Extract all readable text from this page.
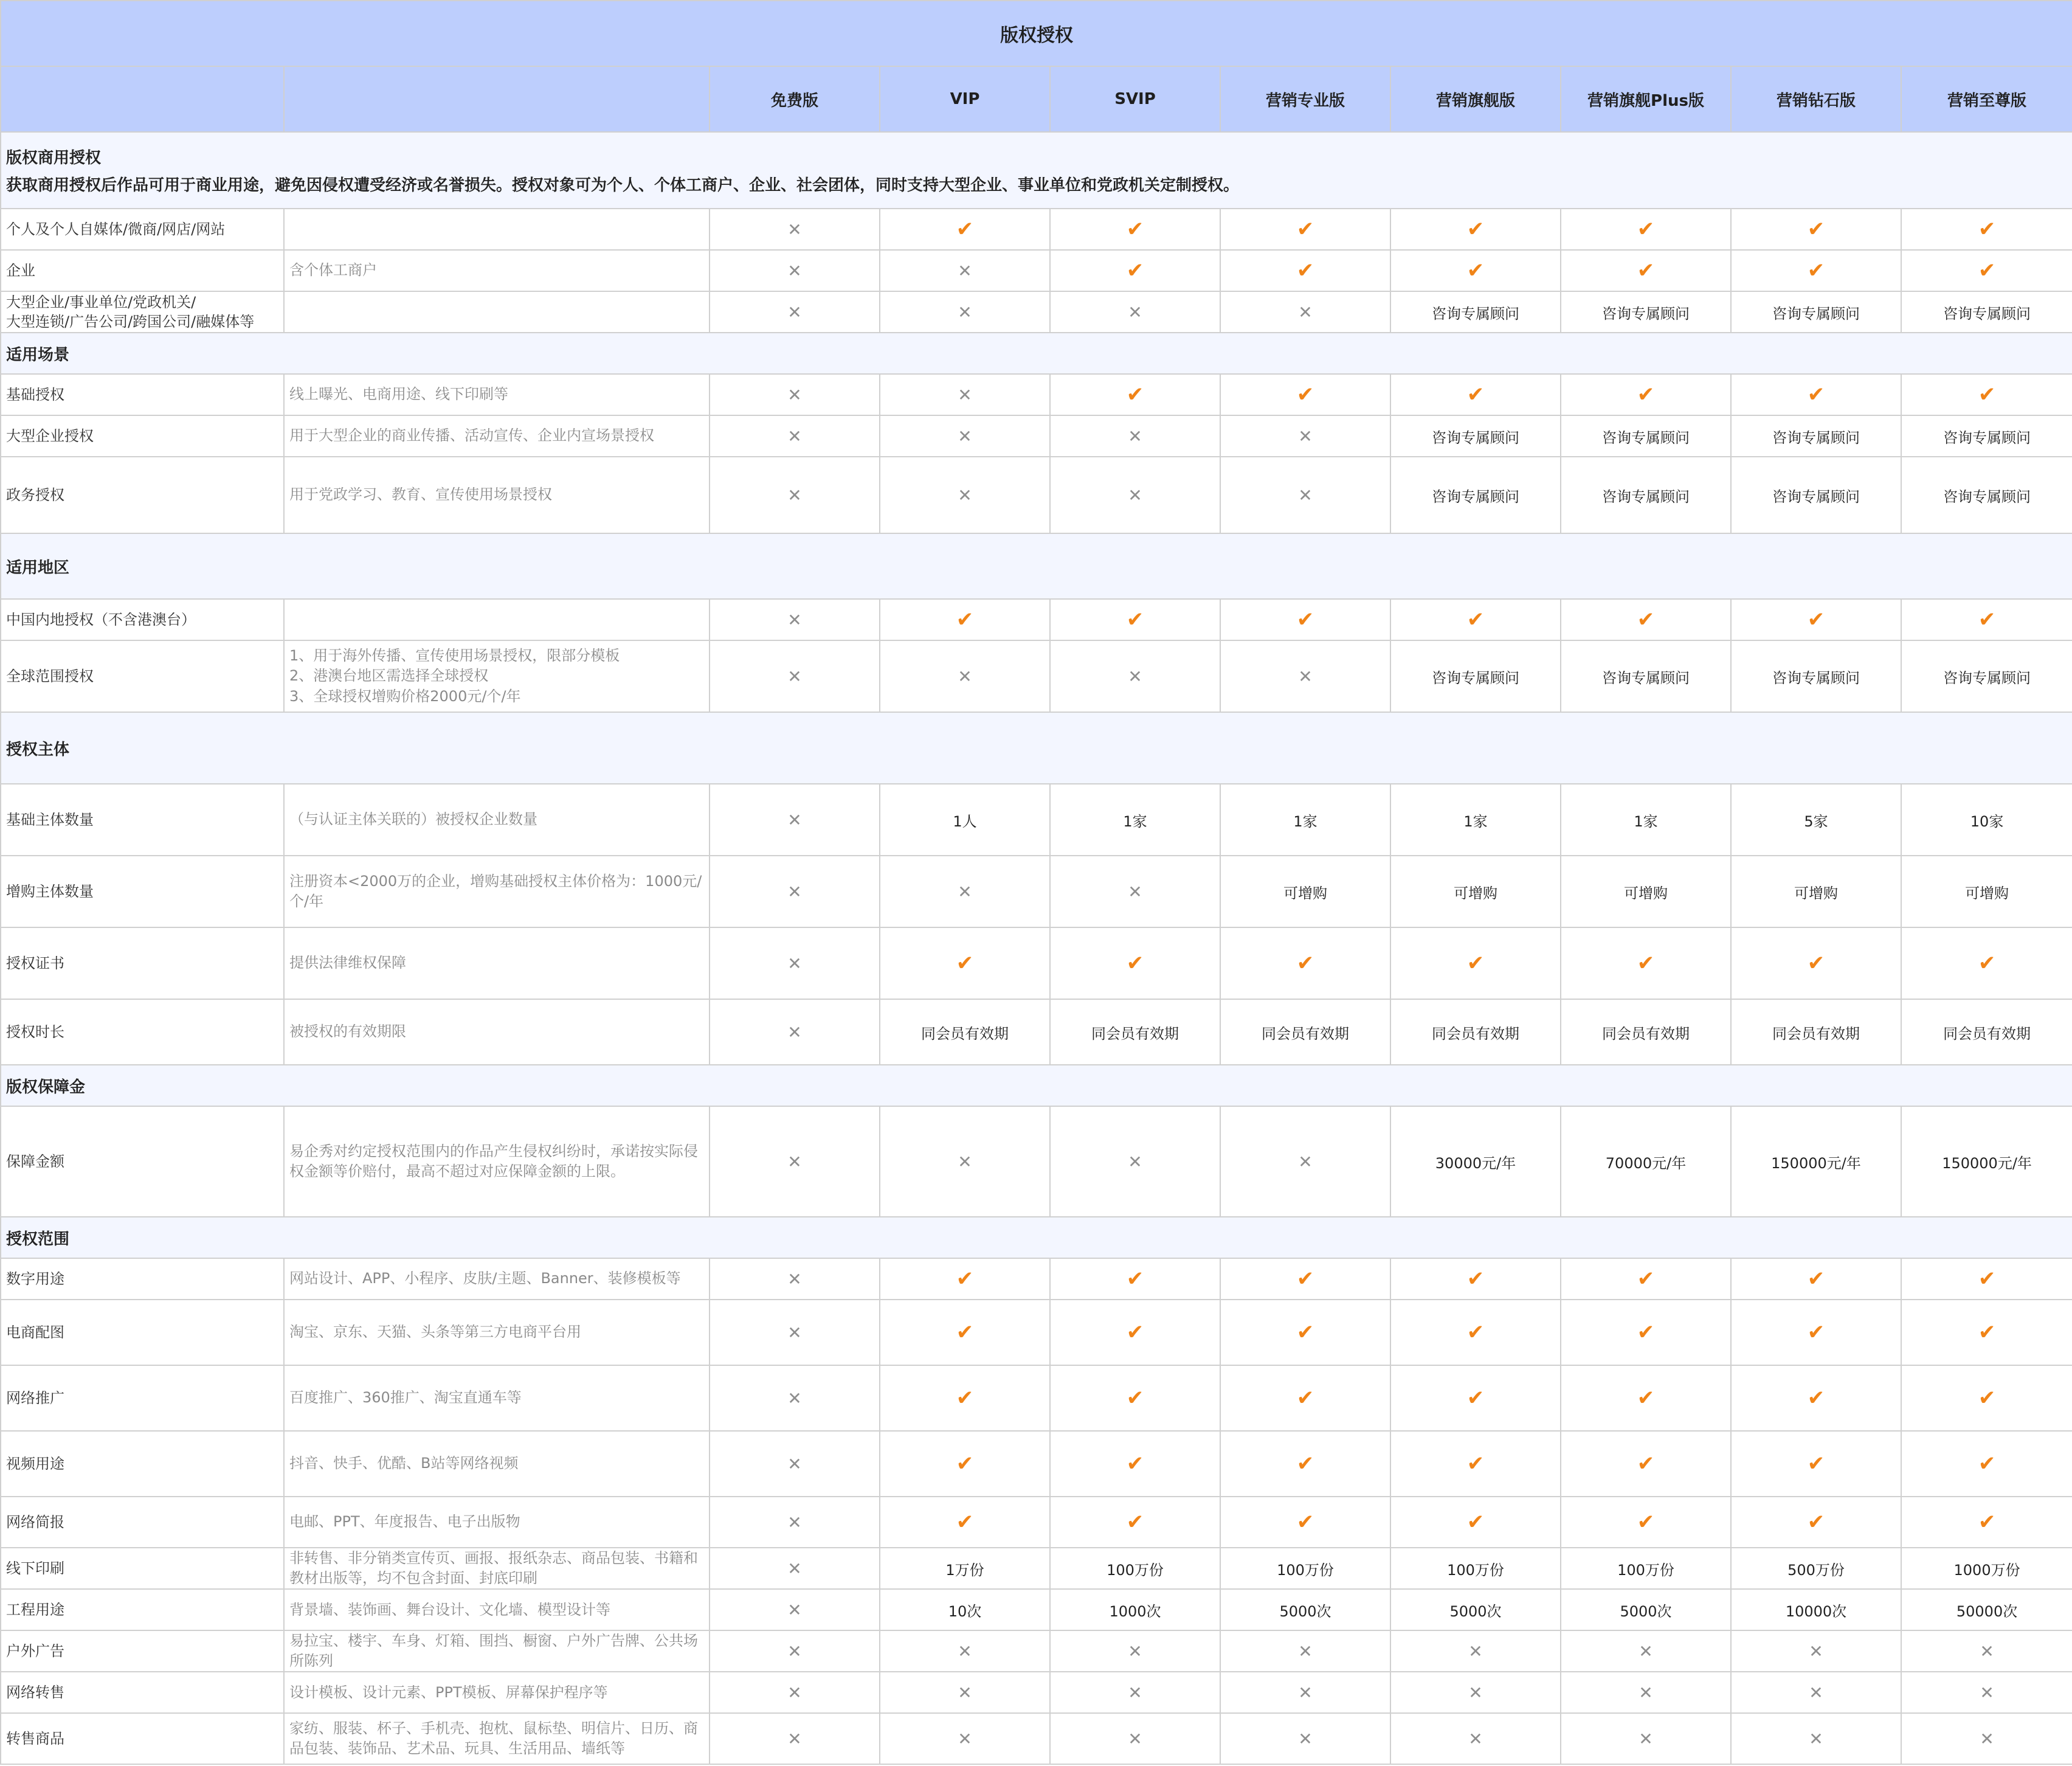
版权授权									
		免费版	VIP	SVIP	营销专业版	营销旗舰版	营销旗舰Plus版	营销钻石版	营销至尊版
版权商用授权
获取商用授权后作品可用于商业用途，避免因侵权遭受经济或名誉损失。授权对象可为个人、个体工商户、企业、社会团体，同时支持大型企业、事业单位和党政机关定制授权。									

个人及个人自媒体/微商/网店/网站		✕	✔	✔	✔	✔	✔	✔	✔
企业	含个体工商户	✕	✕	✔	✔	✔	✔	✔	✔
大型企业/事业单位/党政机关/
大型连锁/广告公司/跨国公司/融媒体等		✕	✕	✕	✕	咨询专属顾问	咨询专属顾问	咨询专属顾问	咨询专属顾问
适用场景									
基础授权	线上曝光、电商用途、线下印刷等	✕	✕	✔	✔	✔	✔	✔	✔
大型企业授权	用于大型企业的商业传播、活动宣传、企业内宣场景授权	✕	✕	✕	✕	咨询专属顾问	咨询专属顾问	咨询专属顾问	咨询专属顾问
政务授权	用于党政学习、教育、宣传使用场景授权	✕	✕	✕	✕	咨询专属顾问	咨询专属顾问	咨询专属顾问	咨询专属顾问
适用地区									
中国内地授权（不含港澳台）		✕	✔	✔	✔	✔	✔	✔	✔
全球范围授权	1、用于海外传播、宣传使用场景授权，限部分模板
2、港澳台地区需选择全球授权
3、全球授权增购价格2000元/个/年	✕	✕	✕	✕	咨询专属顾问	咨询专属顾问	咨询专属顾问	咨询专属顾问
授权主体									
基础主体数量	（与认证主体关联的）被授权企业数量	✕	1人	1家	1家	1家	1家	5家	10家
增购主体数量	注册资本<2000万的企业，增购基础授权主体价格为：1000元/个/年	✕	✕	✕	可增购	可增购	可增购	可增购	可增购
授权证书	提供法律维权保障	✕	✔	✔	✔	✔	✔	✔	✔
授权时长	被授权的有效期限	✕	同会员有效期	同会员有效期	同会员有效期	同会员有效期	同会员有效期	同会员有效期	同会员有效期
版权保障金									
保障金额	易企秀对约定授权范围内的作品产生侵权纠纷时，承诺按实际侵权金额等价赔付，最高不超过对应保障金额的上限。	✕	✕	✕	✕	30000元/年	70000元/年	150000元/年	150000元/年
授权范围									
数字用途	网站设计、APP、小程序、皮肤/主题、Banner、装修模板等	✕	✔	✔	✔	✔	✔	✔	✔
电商配图	淘宝、京东、天猫、头条等第三方电商平台用	✕	✔	✔	✔	✔	✔	✔	✔
网络推广	百度推广、360推广、淘宝直通车等	✕	✔	✔	✔	✔	✔	✔	✔
视频用途	抖音、快手、优酷、B站等网络视频	✕	✔	✔	✔	✔	✔	✔	✔
网络简报	电邮、PPT、年度报告、电子出版物	✕	✔	✔	✔	✔	✔	✔	✔
线下印刷	非转售、非分销类宣传页、画报、报纸杂志、商品包装、书籍和教材出版等，均不包含封面、封底印刷	✕	1万份	100万份	100万份	100万份	100万份	500万份	1000万份
工程用途	背景墙、装饰画、舞台设计、文化墙、模型设计等	✕	10次	1000次	5000次	5000次	5000次	10000次	50000次
户外广告	易拉宝、楼宇、车身、灯箱、围挡、橱窗、户外广告牌、公共场所陈列	✕	✕	✕	✕	✕	✕	✕	✕
网络转售	设计模板、设计元素、PPT模板、屏幕保护程序等	✕	✕	✕	✕	✕	✕	✕	✕
转售商品	家纺、服装、杯子、手机壳、抱枕、鼠标垫、明信片、日历、商品包装、装饰品、艺术品、玩具、生活用品、墙纸等	✕	✕	✕	✕	✕	✕	✕	✕
